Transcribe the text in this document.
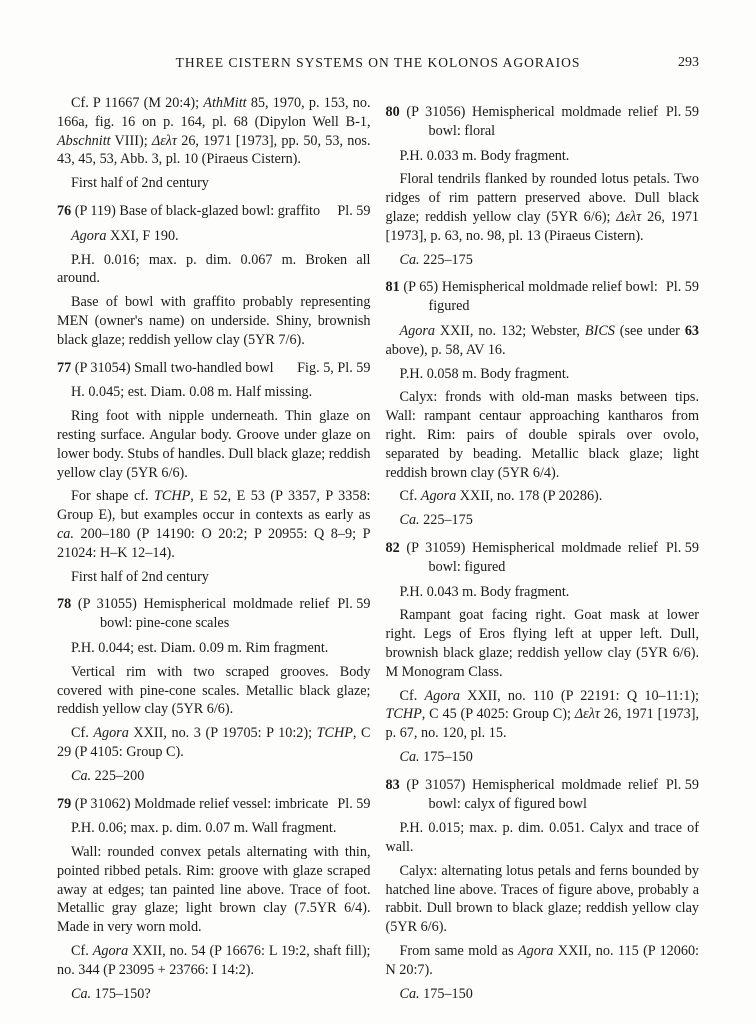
THREE CISTERN SYSTEMS ON THE KOLONOS AGORAIOS	293

Cf. P 11667 (M 20:4); AthMitt 85, 1970, p. 153, no. 166a, fig. 16 on p. 164, pl. 68 (Dipylon Well B-1, Abschnitt VIII); Δελτ 26, 1971 [1973], pp. 50, 53, nos. 43, 45, 53, Abb. 3, pl. 10 (Piraeus Cistern).

First half of 2nd century

76 (P 119) Base of black-glazed bowl: graffito	Pl. 59

Agora XXI, F 190.

P.H. 0.016; max. p. dim. 0.067 m. Broken all around.

Base of bowl with graffito probably representing MEN (owner's name) on underside. Shiny, brownish black glaze; reddish yellow clay (5YR 7/6).

77 (P 31054) Small two-handled bowl	Fig. 5, Pl. 59

H. 0.045; est. Diam. 0.08 m. Half missing.

Ring foot with nipple underneath. Thin glaze on resting surface. Angular body. Groove under glaze on lower body. Stubs of handles. Dull black glaze; reddish yellow clay (5YR 6/6).

For shape cf. TCHP, E 52, E 53 (P 3357, P 3358: Group E), but examples occur in contexts as early as ca. 200–180 (P 14190: O 20:2; P 20955: Q 8–9; P 21024: H–K 12–14).

First half of 2nd century

78 (P 31055) Hemispherical moldmade relief bowl: pine-cone scales
Pl. 59

P.H. 0.044; est. Diam. 0.09 m. Rim fragment.

Vertical rim with two scraped grooves. Body covered with pine-cone scales. Metallic black glaze; reddish yellow clay (5YR 6/6).

Cf. Agora XXII, no. 3 (P 19705: P 10:2); TCHP, C 29 (P 4105: Group C).

Ca. 225–200

79 (P 31062) Moldmade relief vessel: imbricate Pl. 59

P.H. 0.06; max. p. dim. 0.07 m. Wall fragment.

Wall: rounded convex petals alternating with thin, pointed ribbed petals. Rim: groove with glaze scraped away at edges; tan painted line above. Trace of foot. Metallic gray glaze; light brown clay (7.5YR 6/4). Made in very worn mold.

Cf. Agora XXII, no. 54 (P 16676: L 19:2, shaft fill); no. 344 (P 23095 + 23766: I 14:2).

Ca. 175–150?

80 (P 31056) Hemispherical moldmade relief bowl: floral
Pl. 59

P.H. 0.033 m. Body fragment.

Floral tendrils flanked by rounded lotus petals. Two ridges of rim pattern preserved above. Dull black glaze; reddish yellow clay (5YR 6/6); Δελτ 26, 1971 [1973], p. 63, no. 98, pl. 13 (Piraeus Cistern).

Ca. 225–175

81 (P 65) Hemispherical moldmade relief bowl: figured
Pl. 59

Agora XXII, no. 132; Webster, BICS (see under 63 above), p. 58, AV 16.

P.H. 0.058 m. Body fragment.

Calyx: fronds with old-man masks between tips. Wall: rampant centaur approaching kantharos from right. Rim: pairs of double spirals over ovolo, separated by beading. Metallic black glaze; light reddish brown clay (5YR 6/4).

Cf. Agora XXII, no. 178 (P 20286).

Ca. 225–175

82 (P 31059) Hemispherical moldmade relief bowl: figured
Pl. 59

P.H. 0.043 m. Body fragment.

Rampant goat facing right. Goat mask at lower right. Legs of Eros flying left at upper left. Dull, brownish black glaze; reddish yellow clay (5YR 6/6). M Monogram Class.

Cf. Agora XXII, no. 110 (P 22191: Q 10–11:1); TCHP, C 45 (P 4025: Group C); Δελτ 26, 1971 [1973], p. 67, no. 120, pl. 15.

Ca. 175–150

83 (P 31057) Hemispherical moldmade relief bowl: calyx of figured bowl
Pl. 59

P.H. 0.015; max. p. dim. 0.051. Calyx and trace of wall.

Calyx: alternating lotus petals and ferns bounded by hatched line above. Traces of figure above, probably a rabbit. Dull brown to black glaze; reddish yellow clay (5YR 6/6).

From same mold as Agora XXII, no. 115 (P 12060: N 20:7).

Ca. 175–150
